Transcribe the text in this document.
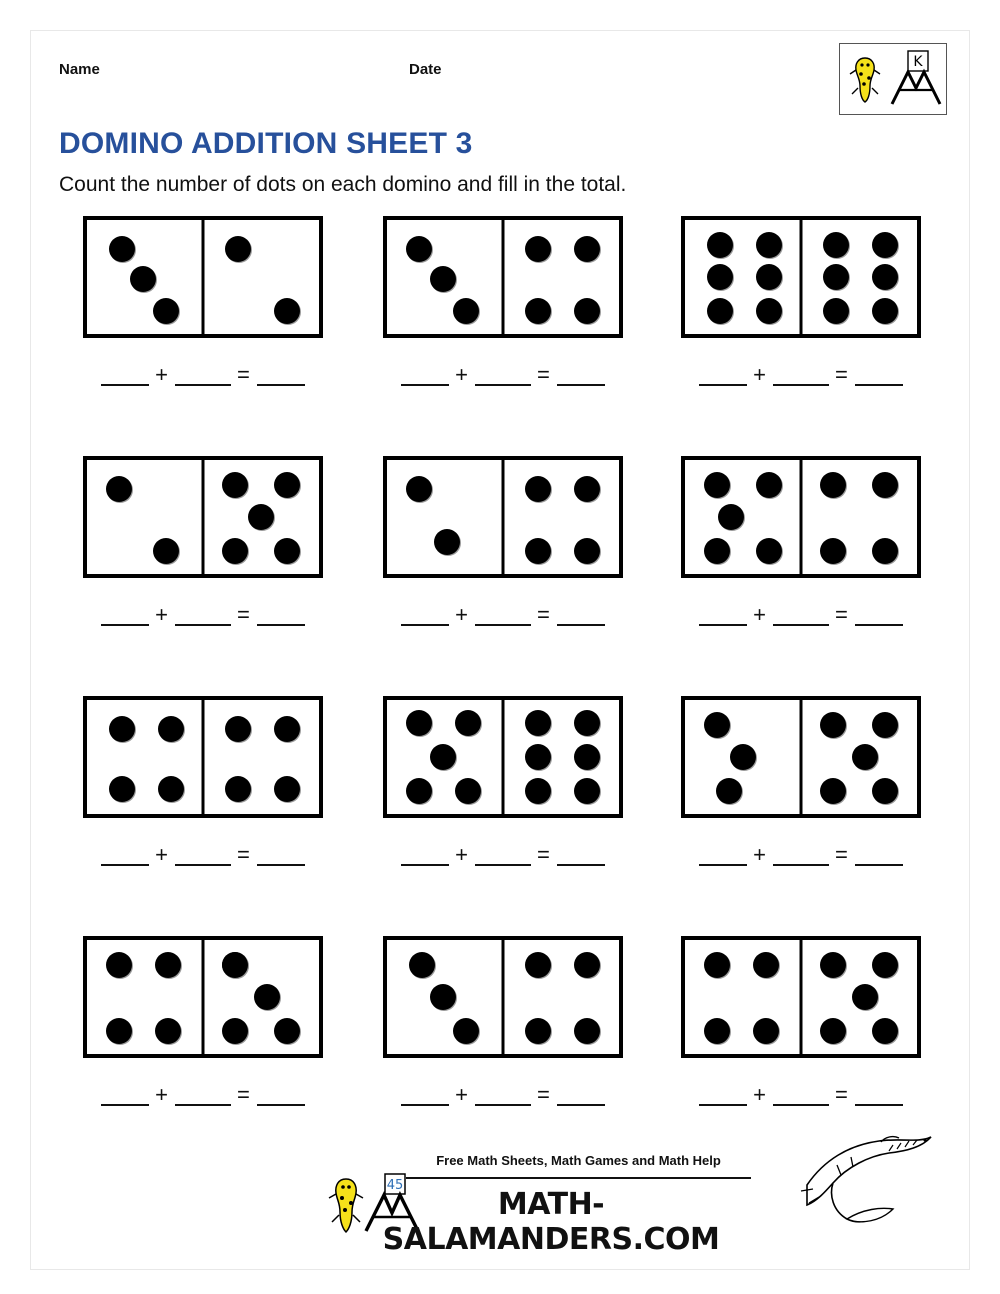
Name	Date	K
DOMINO ADDITION SHEET 3
Count the number of dots on each domino and fill in the total.
+	=	+	=	+	=
+	=	+	=	+	=
+	=	+	=	+	=
+	=	+	=	+	=
Free Math Sheets, Math Games and Math Help
45
MATH-SALAMANDERS.COM
